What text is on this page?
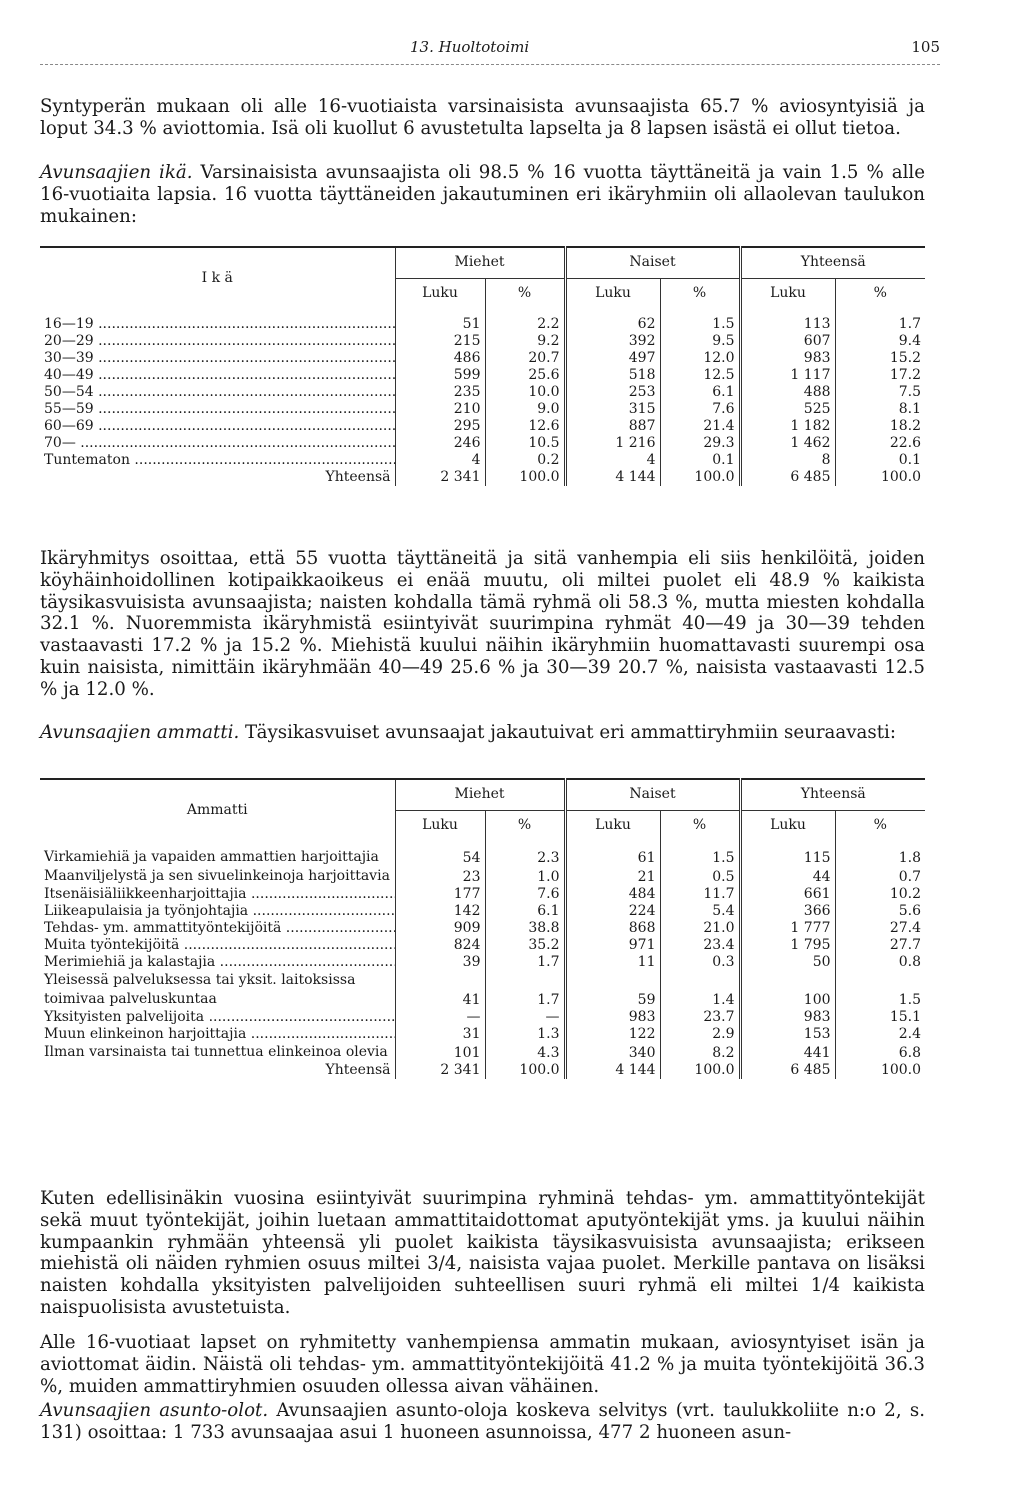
13. Huoltotoimi	105

Syntyperän mukaan oli alle 16-vuotiaista varsinaisista avunsaajista 65.7 % aviosyntyisiä ja loput 34.3 % aviottomia. Isä oli kuollut 6 avustetulta lapselta ja 8 lapsen isästä ei ollut tietoa.

Avunsaajien ikä. Varsinaisista avunsaajista oli 98.5 % 16 vuotta täyttäneitä ja vain 1.5 % alle 16-vuotiaita lapsia. 16 vuotta täyttäneiden jakautuminen eri ikäryhmiin oli allaolevan taulukon mukainen:

I k ä	Miehet		Naiset		Yhteensä	
	Luku	%	Luku	%	Luku	%
16—19 .....	51	2.2	62	1.5	113	1.7
20—29 .....	215	9.2	392	9.5	607	9.4
30—39 .....	486	20.7	497	12.0	983	15.2
40—49 .....	599	25.6	518	12.5	1 117	17.2
50—54 .....	235	10.0	253	6.1	488	7.5
55—59 .....	210	9.0	315	7.6	525	8.1
60—69 .....	295	12.6	887	21.4	1 182	18.2
70— .....	246	10.5	1 216	29.3	1 462	22.6
Tuntematon .....	4	0.2	4	0.1	8	0.1
Yhteensä	2 341	100.0	4 144	100.0	6 485	100.0

Ikäryhmitys osoittaa, että 55 vuotta täyttäneitä ja sitä vanhempia eli siis henkilöitä, joiden köyhäinhoidollinen kotipaikkaoikeus ei enää muutu, oli miltei puolet eli 48.9 % kaikista täysikasvuisista avunsaajista; naisten kohdalla tämä ryhmä oli 58.3 %, mutta miesten kohdalla 32.1 %. Nuoremmista ikäryhmistä esiintyivät suurimpina ryhmät 40—49 ja 30—39 tehden vastaavasti 17.2 % ja 15.2 %. Miehistä kuului näihin ikäryhmiin huomattavasti suurempi osa kuin naisista, nimittäin ikäryhmään 40—49 25.6 % ja 30—39 20.7 %, naisista vastaavasti 12.5 % ja 12.0 %.

Avunsaajien ammatti. Täysikasvuiset avunsaajat jakautuivat eri ammattiryhmiin seuraavasti:

Ammatti	Miehet		Naiset		Yhteensä	
	Luku	%	Luku	%	Luku	%
Virkamiehiä ja vapaiden ammattien harjoittajia	54	2.3	61	1.5	115	1.8
Maanviljelystä ja sen sivuelinkeinoja harjoittavia	23	1.0	21	0.5	44	0.7
Itsenäisiäliikkeenharjoittajia .....	177	7.6	484	11.7	661	10.2
Liikeapulaisia ja työnjohtajia .....	142	6.1	224	5.4	366	5.6
Tehdas- ym. ammattityöntekijöitä .....	909	38.8	868	21.0	1 777	27.4
Muita työntekijöitä .....	824	35.2	971	23.4	1 795	27.7
Merimiehiä ja kalastajia .....	39	1.7	11	0.3	50	0.8
Yleisessä palveluksessa tai yksit. laitoksissa toimivaa palveluskuntaa	41	1.7	59	1.4	100	1.5
Yksityisten palvelijoita .....	—	—	983	23.7	983	15.1
Muun elinkeinon harjoittajia .....	31	1.3	122	2.9	153	2.4
Ilman varsinaista tai tunnettua elinkeinoa olevia	101	4.3	340	8.2	441	6.8
Yhteensä	2 341	100.0	4 144	100.0	6 485	100.0

Kuten edellisinäkin vuosina esiintyivät suurimpina ryhminä tehdas- ym. ammattityöntekijät sekä muut työntekijät, joihin luetaan ammattitaidottomat aputyöntekijät yms. ja kuului näihin kumpaankin ryhmään yhteensä yli puolet kaikista täysikasvuisista avunsaajista; erikseen miehistä oli näiden ryhmien osuus miltei 3/4, naisista vajaa puolet. Merkille pantava on lisäksi naisten kohdalla yksityisten palvelijoiden suhteellisen suuri ryhmä eli miltei 1/4 kaikista naispuolisista avustetuista.

Alle 16-vuotiaat lapset on ryhmitetty vanhempiensa ammatin mukaan, aviosyntyiset isän ja aviottomat äidin. Näistä oli tehdas- ym. ammattityöntekijöitä 41.2 % ja muita työntekijöitä 36.3 %, muiden ammattiryhmien osuuden ollessa aivan vähäinen.

Avunsaajien asunto-olot. Avunsaajien asunto-oloja koskeva selvitys (vrt. taulukkoliite n:o 2, s. 131) osoittaa: 1 733 avunsaajaa asui 1 huoneen asunnoissa, 477 2 huoneen asun-
